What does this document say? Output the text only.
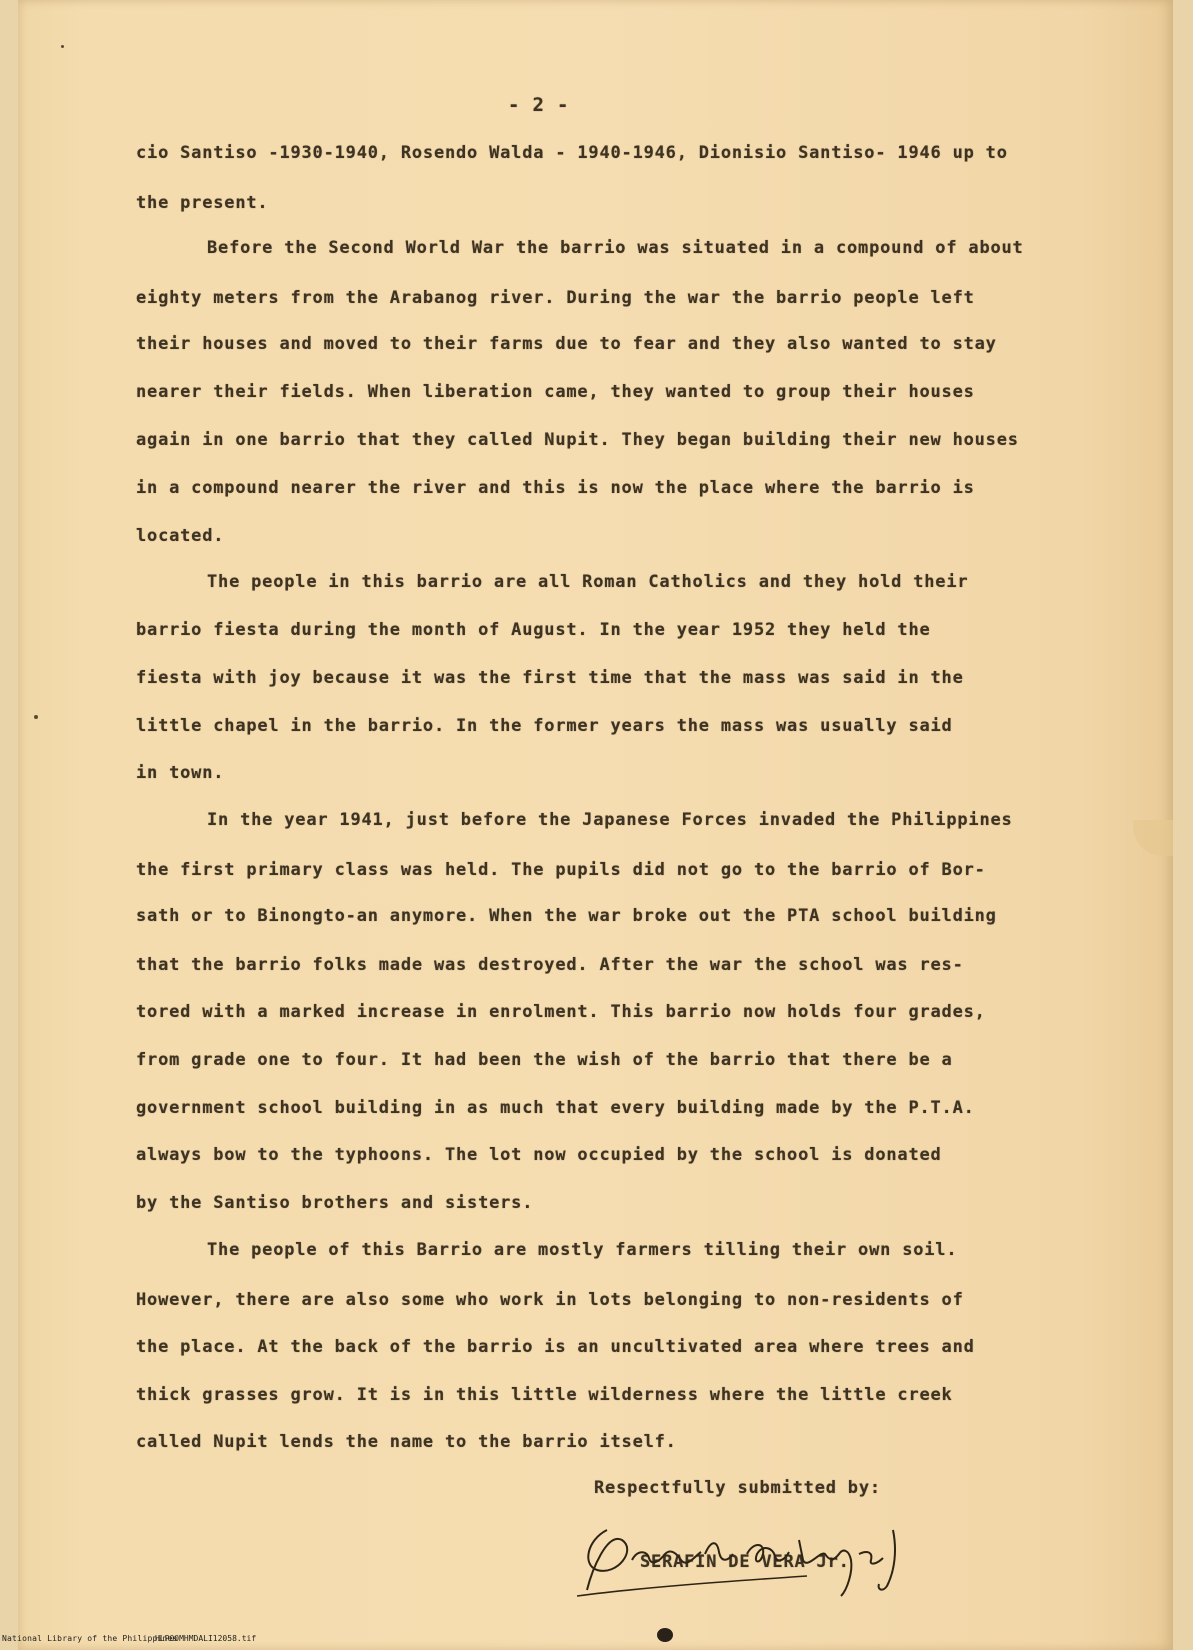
- 2 -
cio Santiso -1930-1940, Rosendo Walda - 1940-1946, Dionisio Santiso- 1946 up to
the present.
Before the Second World War the barrio was situated in a compound of about
eighty meters from the Arabanog river. During the war the barrio people left
their houses and moved to their farms due to fear and they also wanted to stay
nearer their fields. When liberation came, they wanted to group their houses
again in one barrio that they called Nupit. They began building their new houses
in a compound nearer the river and this is now the place where the barrio is
located.
The people in this barrio are all Roman Catholics and they hold their
barrio fiesta during the month of August. In the year 1952 they held the
fiesta with joy because it was the first time that the mass was said in the
little chapel in the barrio. In the former years the mass was usually said
in town.
In the year 1941, just before the Japanese Forces invaded the Philippines
the first primary class was held. The pupils did not go to the barrio of Bor-
sath or to Binongto-an anymore. When the war broke out the PTA school building
that the barrio folks made was destroyed. After the war the school was res-
tored with a marked increase in enrolment. This barrio now holds four grades,
from grade one to four. It had been the wish of the barrio that there be a
government school building in as much that every building made by the P.T.A.
always bow to the typhoons. The lot now occupied by the school is donated
by the Santiso brothers and sisters.
The people of this Barrio are mostly farmers tilling their own soil.
However, there are also some who work in lots belonging to non-residents of
the place. At the back of the barrio is an uncultivated area where trees and
thick grasses grow. It is in this little wilderness where the little creek
called Nupit lends the name to the barrio itself.
Respectfully submitted by:
SERAFIN DE VERA Jr.
National Library of the Philippines
HLP00MHMDALI12058.tif
